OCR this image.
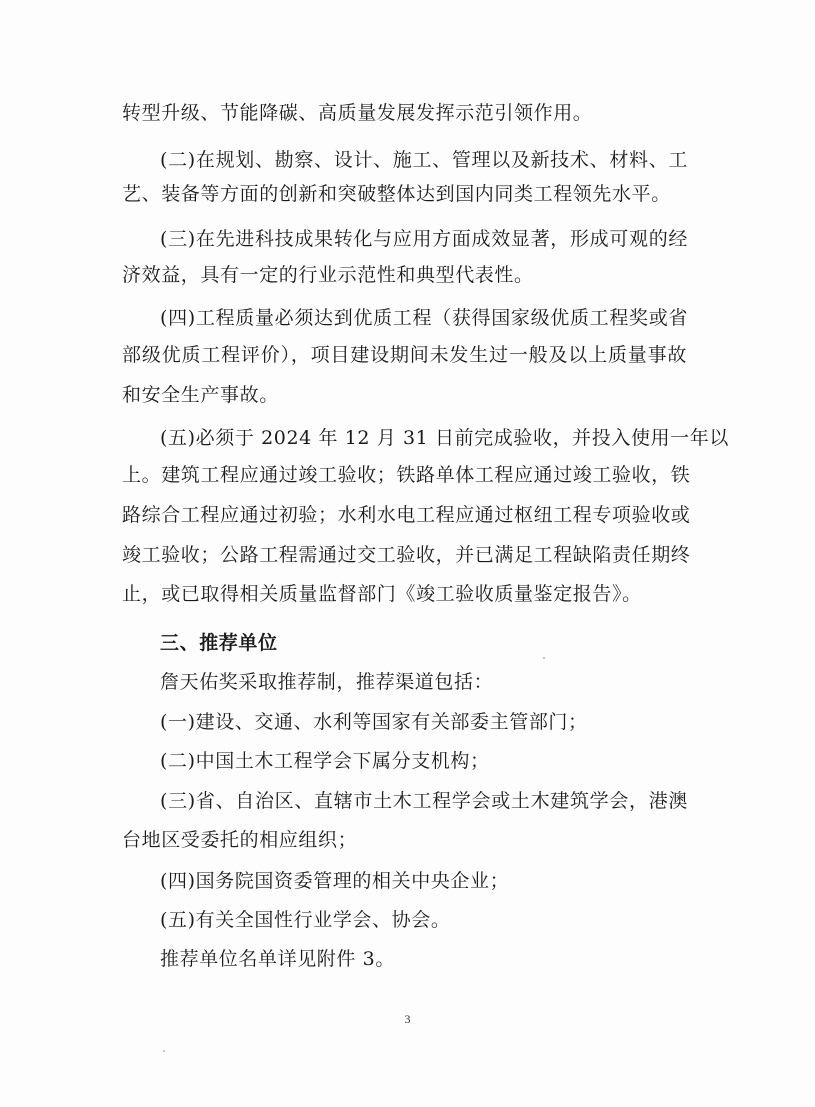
转型升级、节能降碳、高质量发展发挥示范引领作用。
(二)在规划、勘察、设计、施工、管理以及新技术、材料、工
艺、装备等方面的创新和突破整体达到国内同类工程领先水平。
(三)在先进科技成果转化与应用方面成效显著，形成可观的经
济效益，具有一定的行业示范性和典型代表性。
(四)工程质量必须达到优质工程（获得国家级优质工程奖或省
部级优质工程评价），项目建设期间未发生过一般及以上质量事故
和安全生产事故。
(五)必须于 2024 年 12 月 31 日前完成验收，并投入使用一年以
上。建筑工程应通过竣工验收；铁路单体工程应通过竣工验收，铁
路综合工程应通过初验；水利水电工程应通过枢纽工程专项验收或
竣工验收；公路工程需通过交工验收，并已满足工程缺陷责任期终
止，或已取得相关质量监督部门《竣工验收质量鉴定报告》。
三、推荐单位
詹天佑奖采取推荐制，推荐渠道包括：
(一)建设、交通、水利等国家有关部委主管部门；
(二)中国土木工程学会下属分支机构；
(三)省、自治区、直辖市土木工程学会或土木建筑学会，港澳
台地区受委托的相应组织；
(四)国务院国资委管理的相关中央企业；
(五)有关全国性行业学会、协会。
推荐单位名单详见附件 3。
3
